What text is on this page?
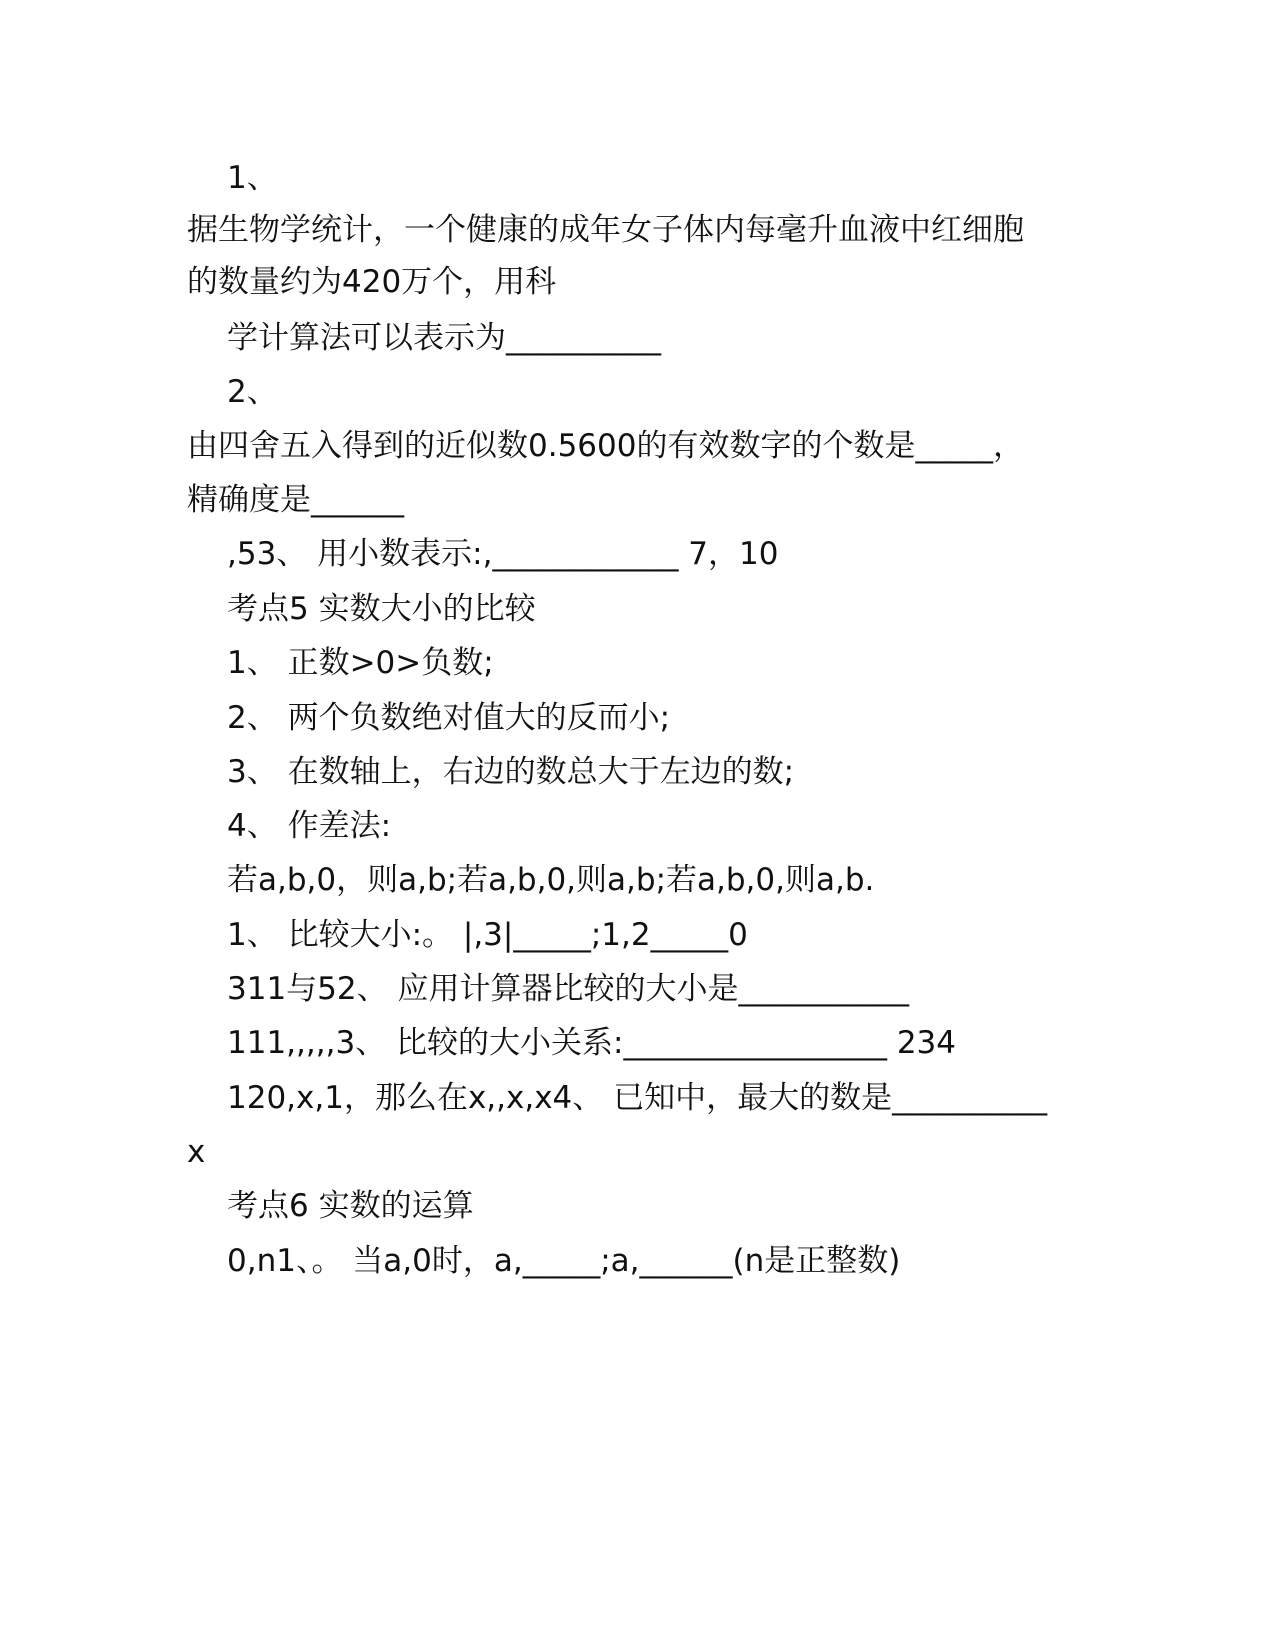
1、
据生物学统计，一个健康的成年女子体内每毫升血液中红细胞
的数量约为420万个，用科
学计算法可以表示为__________
2、
由四舍五入得到的近似数0.5600的有效数字的个数是_____，
精确度是______
,53、 用小数表示:,____________ 7，10
考点5 实数大小的比较
1、 正数>0>负数;
2、 两个负数绝对值大的反而小;
3、 在数轴上，右边的数总大于左边的数;
4、 作差法:
若a,b,0，则a,b;若a,b,0,则a,b;若a,b,0,则a,b.
1、 比较大小:。 |,3|_____;1,2_____0
311与52、 应用计算器比较的大小是___________
111,,,,,3、 比较的大小关系:_________________ 234
120,x,1，那么在x,,x,x4、 已知中，最大的数是__________
x
考点6 实数的运算
0,n1、。 当a,0时，a,_____;a,______(n是正整数)
